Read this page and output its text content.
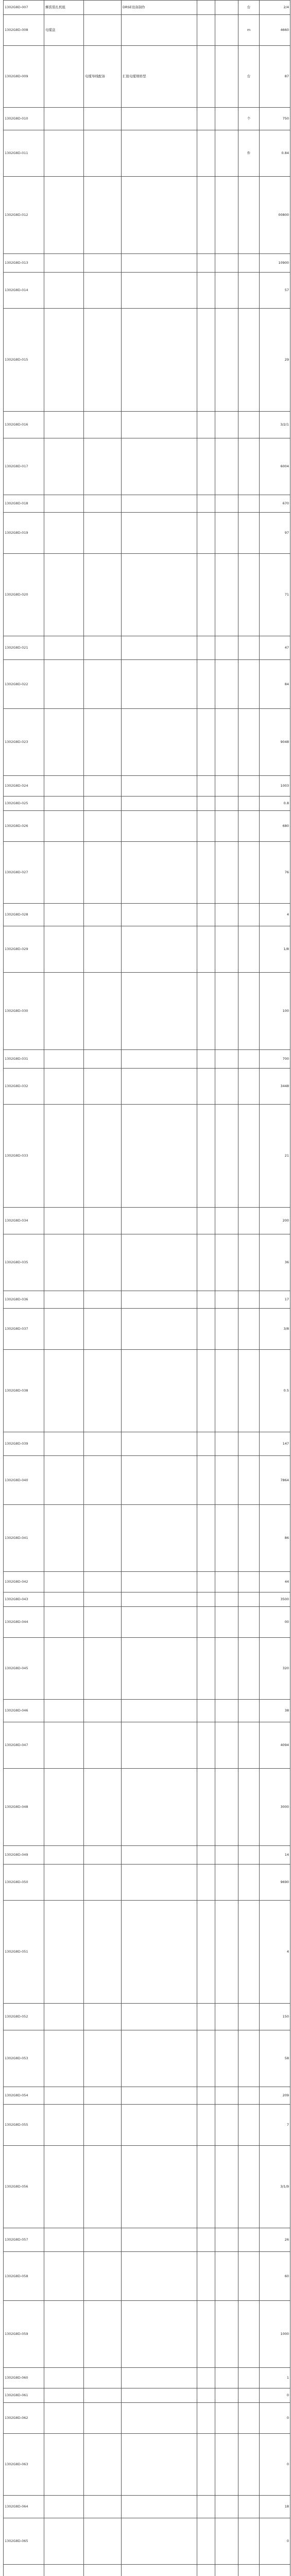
1302G8D-007	郵裝裝扎机组		DRSE设备制作			台	2/4
1302G8D-008	电缆盘					m	4660
1302G8D-009		电缆导线配备	汇报电缆规格型			台	87
1302G8D-010						个	750
1302G8D-011						件	0.84
1302G8D-012							00800
1302G8D-013							10900
1302G8D-014							57
1302G8D-015							29
1302G8D-016							3/2/1
1302G8D-017							6004
1302G8D-018							670
1302G8D-019							97
1302G8D-020							71
1302G8D-021							47
1302G8D-022							84
1302G8D-023							9048
1302G8D-024							1003
1302G8D-025							0.8
1302G8D-026							680
1302G8D-027							76
1302G8D-028							4
1302G8D-029							1/8
1302G8D-030							100
1302G8D-031							700
1302G8D-032							3448
1302G8D-033							21
1302G8D-034							200
1302G8D-035							36
1302G8D-036							17
1302G8D-037							3/8
1302G8D-038							0.5
1302G8D-039							147
1302G8D-040							7864
1302G8D-041							86
1302G8D-042							44
1302G8D-043							3500
1302G8D-044							00
1302G8D-045							320
1302G8D-046							38
1302G8D-047							4094
1302G8D-048							3000
1302G8D-049							14
1302G8D-050							9690
1302G8D-051							4
1302G8D-052							150
1302G8D-053							58
1302G8D-054							209
1302G8D-055							7
1302G8D-056							3/1/9
1302G8D-057							26
1302G8D-058							60
1302G8D-059							1000
1302G8D-060							1
1302G8D-061							0
1302G8D-062							0
1302G8D-063							0
1302G8D-064							18
1302G8D-065							0
